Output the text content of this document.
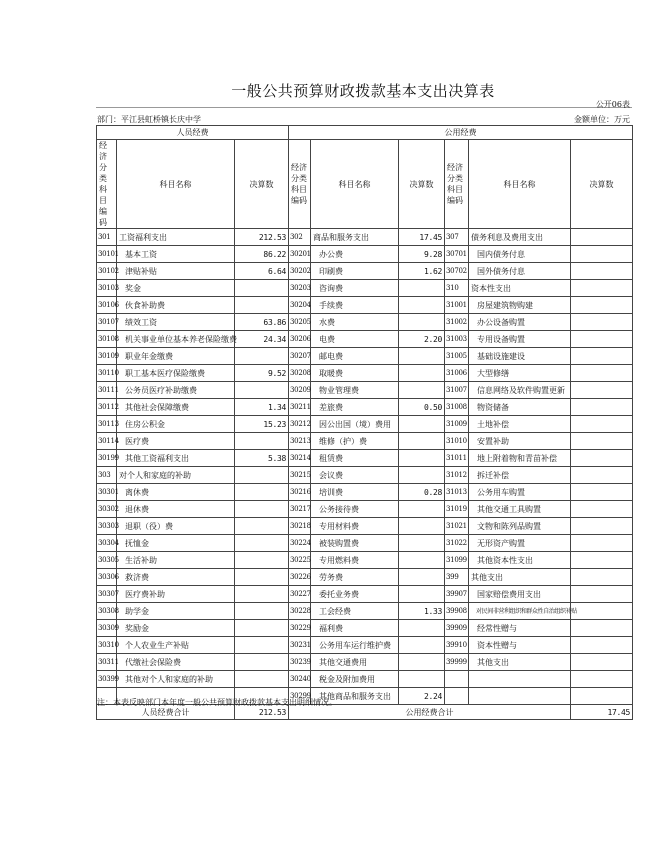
一般公共预算财政拨款基本支出决算表
公开06表
部门：平江县虹桥镇长庆中学	金额单位：万元
人员经费			公用经费					
经济分类科目编码	科目名称	决算数	经济分类科目编码	科目名称	决算数	经济分类科目编码	科目名称	决算数
301	工资福利支出	212.53	302	商品和服务支出	17.45	307	债务利息及费用支出	
30101	基本工资	86.22	30201	办公费	9.28	30701	国内债务付息	
30102	津贴补贴	6.64	30202	印刷费	1.62	30702	国外债务付息	
30103	奖金		30203	咨询费		310	资本性支出	
30106	伙食补助费		30204	手续费		31001	房屋建筑物购建	
30107	绩效工资	63.86	30205	水费		31002	办公设备购置	
30108	机关事业单位基本养老保险缴费	24.34	30206	电费	2.20	31003	专用设备购置	
30109	职业年金缴费		30207	邮电费		31005	基础设施建设	
30110	职工基本医疗保险缴费	9.52	30208	取暖费		31006	大型修缮	
30111	公务员医疗补助缴费		30209	物业管理费		31007	信息网络及软件购置更新	
30112	其他社会保障缴费	1.34	30211	差旅费	0.50	31008	物资储备	
30113	住房公积金	15.23	30212	因公出国（境）费用		31009	土地补偿	
30114	医疗费		30213	维修（护）费		31010	安置补助	
30199	其他工资福利支出	5.38	30214	租赁费		31011	地上附着物和青苗补偿	
303	对个人和家庭的补助		30215	会议费		31012	拆迁补偿	
30301	离休费		30216	培训费	0.28	31013	公务用车购置	
30302	退休费		30217	公务接待费		31019	其他交通工具购置	
30303	退职（役）费		30218	专用材料费		31021	文物和陈列品购置	
30304	抚恤金		30224	被装购置费		31022	无形资产购置	
30305	生活补助		30225	专用燃料费		31099	其他资本性支出	
30306	救济费		30226	劳务费		399	其他支出	
30307	医疗费补助		30227	委托业务费		39907	国家赔偿费用支出	
30308	助学金		30228	工会经费	1.33	39908	对民间非营利组织和群众性自治组织补贴	
30309	奖励金		30229	福利费		39909	经常性赠与	
30310	个人农业生产补贴		30231	公务用车运行维护费		39910	资本性赠与	
30311	代缴社会保险费		30239	其他交通费用		39999	其他支出	
30399	其他对个人和家庭的补助		30240	税金及附加费用				
			30299	其他商品和服务支出	2.24			
人员经费合计		212.53	公用经费合计					17.45
注：本表反映部门本年度一般公共预算财政拨款基本支出明细情况。
